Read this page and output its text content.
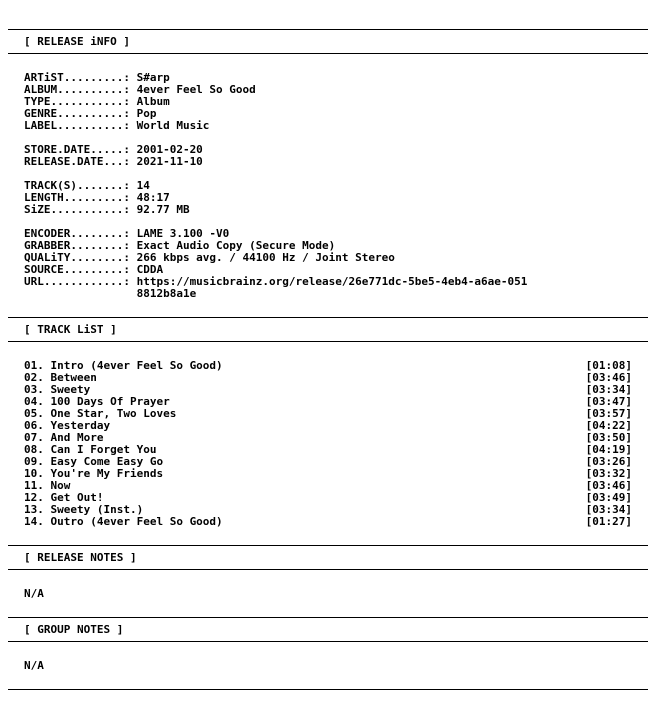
[ RELEASE iNFO ]
ARTiST.........: S#arp
ALBUM..........: 4ever Feel So Good
TYPE...........: Album
GENRE..........: Pop
LABEL..........: World Music
STORE.DATE.....: 2001-02-20
RELEASE.DATE...: 2021-11-10
TRACK(S).......: 14
LENGTH.........: 48:17
SiZE...........: 92.77 MB
ENCODER........: LAME 3.100 -V0
GRABBER........: Exact Audio Copy (Secure Mode)
QUALiTY........: 266 kbps avg. / 44100 Hz / Joint Stereo
SOURCE.........: CDDA
URL............: https://musicbrainz.org/release/26e771dc-5be5-4eb4-a6ae-051
8812b8a1e
[ TRACK LiST ]
01. Intro (4ever Feel So Good)	[01:08]
02. Between	[03:46]
03. Sweety	[03:34]
04. 100 Days Of Prayer	[03:47]
05. One Star, Two Loves	[03:57]
06. Yesterday	[04:22]
07. And More	[03:50]
08. Can I Forget You	[04:19]
09. Easy Come Easy Go	[03:26]
10. You're My Friends	[03:32]
11. Now	[03:46]
12. Get Out!	[03:49]
13. Sweety (Inst.)	[03:34]
14. Outro (4ever Feel So Good)	[01:27]
[ RELEASE NOTES ]
N/A
[ GROUP NOTES ]
N/A
